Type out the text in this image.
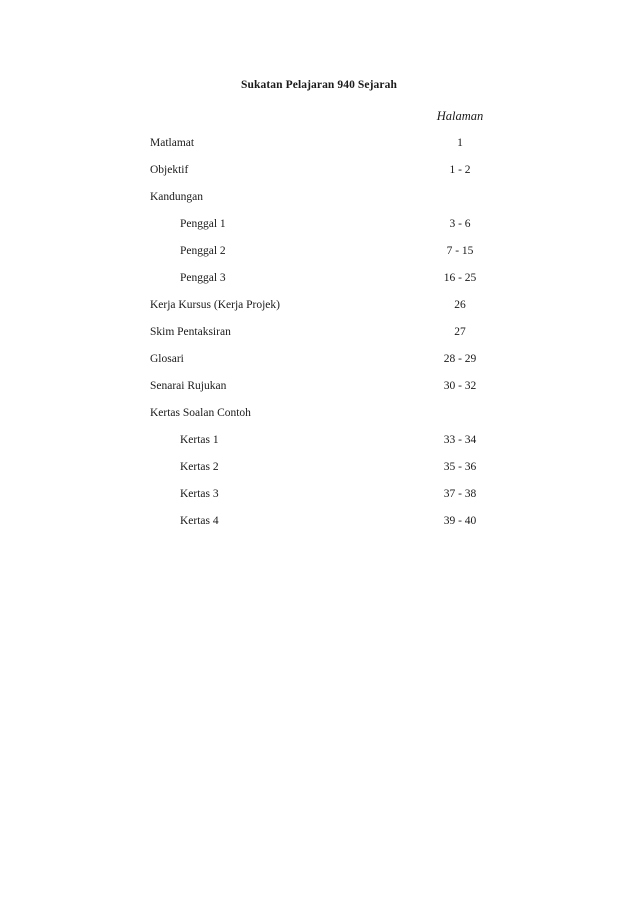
Sukatan Pelajaran 940 Sejarah
Halaman
Matlamat	1
Objektif	1 - 2
Kandungan
Penggal 1	3 - 6
Penggal 2	7 - 15
Penggal 3	16 - 25
Kerja Kursus (Kerja Projek)	26
Skim Pentaksiran	27
Glosari	28 - 29
Senarai Rujukan	30 - 32
Kertas Soalan Contoh
Kertas 1	33 - 34
Kertas 2	35 - 36
Kertas 3	37 - 38
Kertas 4	39 - 40
